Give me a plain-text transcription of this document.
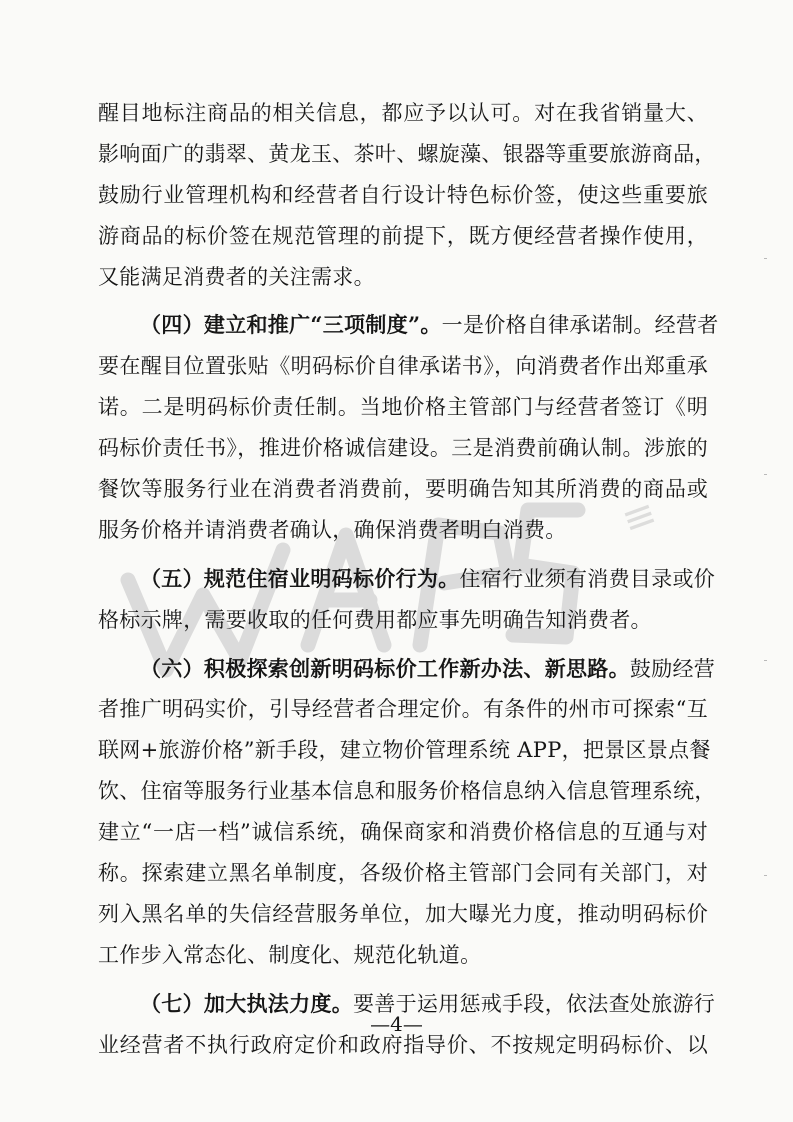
≡
醒目地标注商品的相关信息，都应予以认可。对在我省销量大、
影响面广的翡翠、黄龙玉、茶叶、螺旋藻、银器等重要旅游商品，
鼓励行业管理机构和经营者自行设计特色标价签，使这些重要旅
游商品的标价签在规范管理的前提下，既方便经营者操作使用，
又能满足消费者的关注需求。
（四）建立和推广“三项制度”。一是价格自律承诺制。经营者
要在醒目位置张贴《明码标价自律承诺书》，向消费者作出郑重承
诺。二是明码标价责任制。当地价格主管部门与经营者签订《明
码标价责任书》，推进价格诚信建设。三是消费前确认制。涉旅的
餐饮等服务行业在消费者消费前，要明确告知其所消费的商品或
服务价格并请消费者确认，确保消费者明白消费。
（五）规范住宿业明码标价行为。住宿行业须有消费目录或价
格标示牌，需要收取的任何费用都应事先明确告知消费者。
（六）积极探索创新明码标价工作新办法、新思路。鼓励经营
者推广明码实价，引导经营者合理定价。有条件的州市可探索“互
联网+旅游价格”新手段，建立物价管理系统 APP，把景区景点餐
饮、住宿等服务行业基本信息和服务价格信息纳入信息管理系统，
建立“一店一档”诚信系统，确保商家和消费价格信息的互通与对
称。探索建立黑名单制度，各级价格主管部门会同有关部门，对
列入黑名单的失信经营服务单位，加大曝光力度，推动明码标价
工作步入常态化、制度化、规范化轨道。
（七）加大执法力度。要善于运用惩戒手段，依法查处旅游行
业经营者不执行政府定价和政府指导价、不按规定明码标价、以
—4—
